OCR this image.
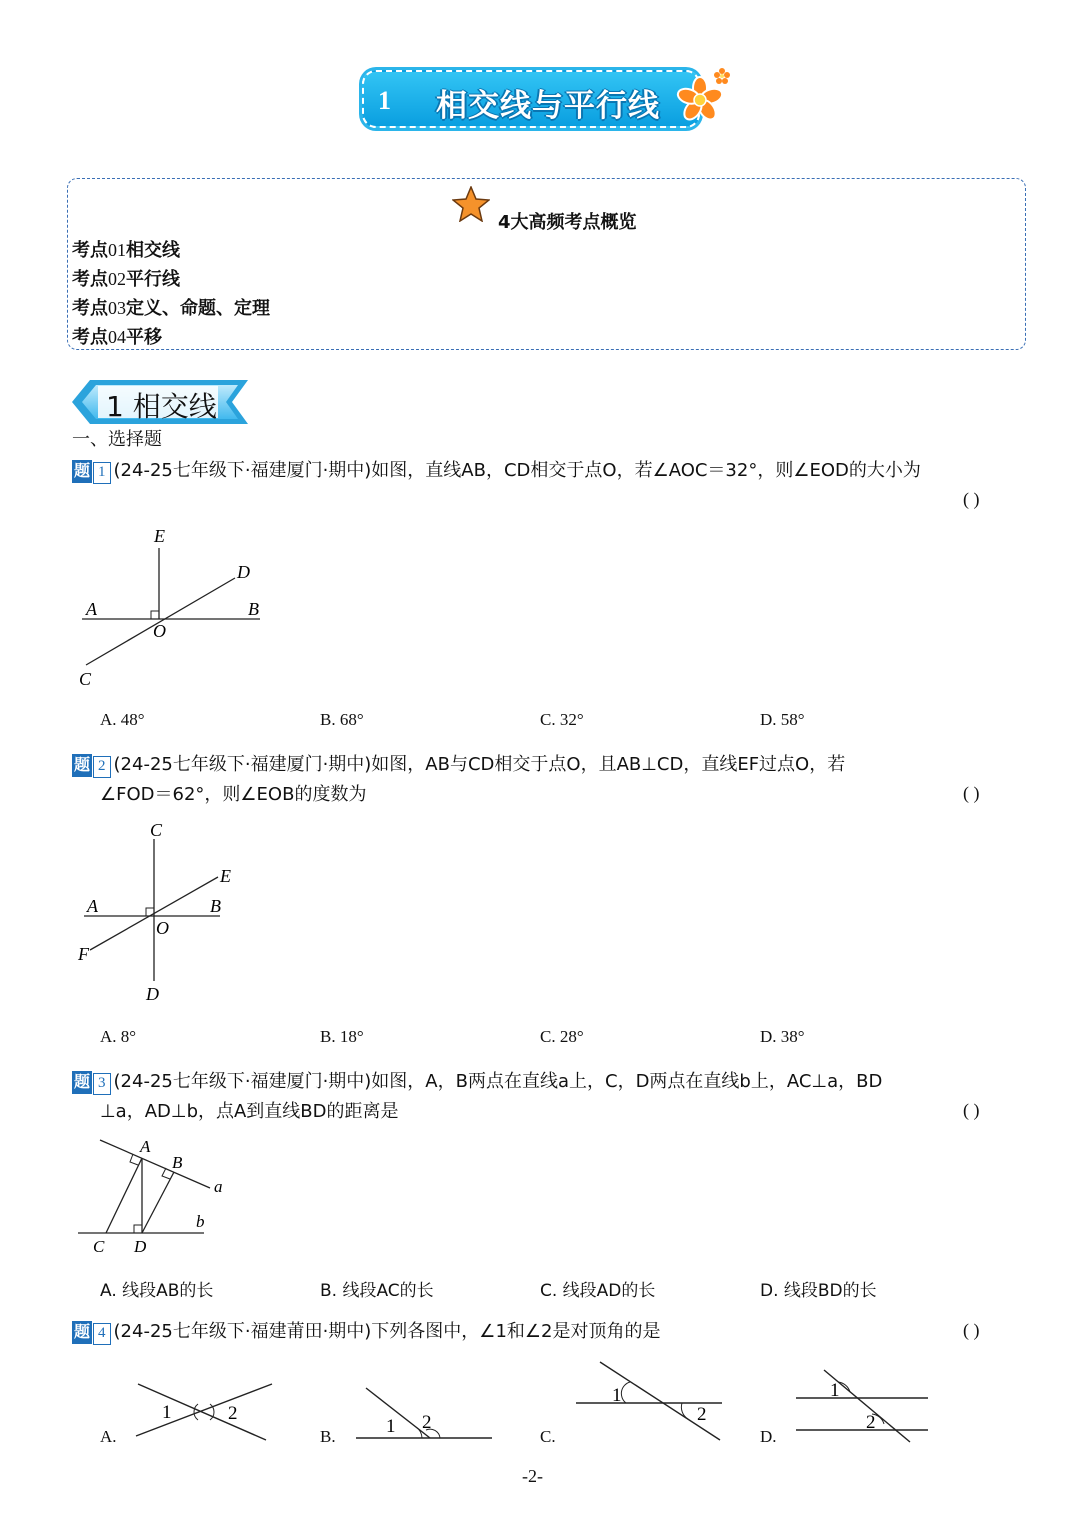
1 相交线与平行线
4大高频考点概览
考点01相交线
考点02平行线
考点03定义、命题、定理
考点04平移
1 相交线
一、选择题
题 1 (24-25七年级下·福建厦门·期中)如图，直线AB，CD相交于点O，若∠AOC＝32°，则∠EOD的大小为
( )
E
D
A	B
O
C
A. 48°	B. 68°	C. 32°	D. 58°
题 2 (24-25七年级下·福建厦门·期中)如图，AB与CD相交于点O，且AB⊥CD，直线EF过点O，若
∠FOD＝62°，则∠EOB的度数为	( )
C
E
A	B
O
F
D
A. 8°	B. 18°	C. 28°	D. 38°
题 3 (24-25七年级下·福建厦门·期中)如图，A，B两点在直线a上，C，D两点在直线b上，AC⊥a，BD
⊥a，AD⊥b，点A到直线BD的距离是	( )
A
B
a
b
C D
A. 线段AB的长	B. 线段AC的长	C. 线段AD的长	D. 线段BD的长
题 4 (24-25七年级下·福建莆田·期中)下列各图中，∠1和∠2是对顶角的是	( )
A.
1	2
B.	1 2
C.
1
2
D.
1
2
-2-
